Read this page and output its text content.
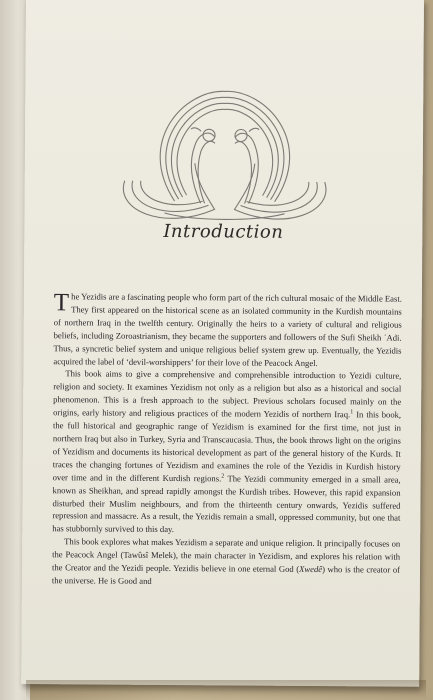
Introduction

The Yezidis are a fascinating people who form part of the rich cultural mosaic of the Middle East. They first appeared on the historical scene as an isolated community in the Kurdish mountains of northern Iraq in the twelfth century. Originally the heirs to a variety of cultural and religious beliefs, including Zoroastrianism, they became the supporters and followers of the Sufi Sheikh ʿAdi. Thus, a syncretic belief system and unique religious belief system grew up. Eventually, the Yezidis acquired the label of ‘devil-worshippers’ for their love of the Peacock Angel.

This book aims to give a comprehensive and comprehensible introduction to Yezidi culture, religion and society. It examines Yezidism not only as a religion but also as a historical and social phenomenon. This is a fresh approach to the subject. Previous scholars focused mainly on the origins, early history and religious practices of the modern Yezidis of northern Iraq.$^1$ In this book, the full historical and geographic range of Yezidism is examined for the first time, not just in northern Iraq but also in Turkey, Syria and Transcaucasia. Thus, the book throws light on the origins of Yezidism and documents its historical development as part of the general history of the Kurds. It traces the changing fortunes of Yezidism and examines the role of the Yezidis in Kurdish history over time and in the different Kurdish regions.$^2$ The Yezidi community emerged in a small area, known as Sheikhan, and spread rapidly amongst the Kurdish tribes. However, this rapid expansion disturbed their Muslim neighbours, and from the thirteenth century onwards, Yezidis suffered repression and massacre. As a result, the Yezidis remain a small, oppressed community, but one that has stubbornly survived to this day.

This book explores what makes Yezidism a separate and unique religion. It principally focuses on the Peacock Angel (Tawûsî Melek), the main character in Yezidism, and explores his relation with the Creator and the Yezidi people. Yezidis believe in one eternal God (Xwedê) who is the creator of the universe. He is Good and
